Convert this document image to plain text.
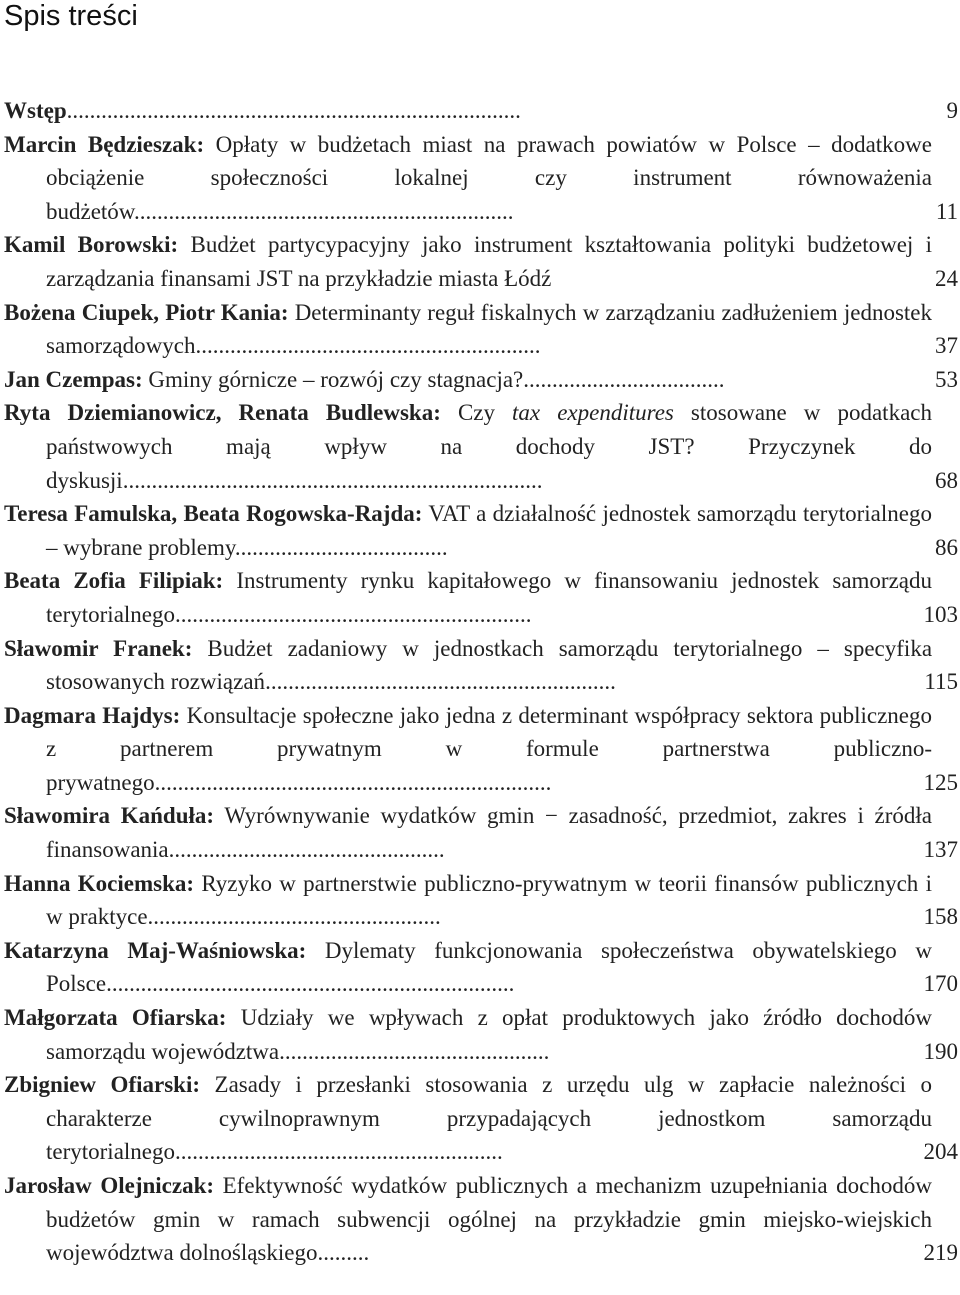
Spis treści
Wstęp...............................................................................	9
Marcin Będzieszak: Opłaty w budżetach miast na prawach powiatów w Polsce – dodatkowe obciążenie społeczności lokalnej czy instrument równoważenia budżetów..................................................................	11
Kamil Borowski: Budżet partycypacyjny jako instrument kształtowania polityki budżetowej i zarządzania finansami JST na przykładzie miasta Łódź	24
Bożena Ciupek, Piotr Kania: Determinanty reguł fiskalnych w zarządzaniu zadłużeniem jednostek samorządowych............................................................	37
Jan Czempas: Gminy górnicze – rozwój czy stagnacja?...................................	53
Ryta Dziemianowicz, Renata Budlewska: Czy tax expenditures stosowane w podatkach państwowych mają wpływ na dochody JST? Przyczynek do dyskusji.........................................................................	68
Teresa Famulska, Beata Rogowska-Rajda: VAT a działalność jednostek samorządu terytorialnego – wybrane problemy.....................................	86
Beata Zofia Filipiak: Instrumenty rynku kapitałowego w finansowaniu jednostek samorządu terytorialnego..............................................................	103
Sławomir Franek: Budżet zadaniowy w jednostkach samorządu terytorialnego – specyfika stosowanych rozwiązań.............................................................	115
Dagmara Hajdys: Konsultacje społeczne jako jedna z determinant współpracy sektora publicznego z partnerem prywatnym w formule partnerstwa publiczno-prywatnego.....................................................................	125
Sławomira Kańduła: Wyrównywanie wydatków gmin − zasadność, przedmiot, zakres i źródła finansowania................................................	137
Hanna Kociemska: Ryzyko w partnerstwie publiczno-prywatnym w teorii finansów publicznych i w praktyce...................................................	158
Katarzyna Maj-Waśniowska: Dylematy funkcjonowania społeczeństwa obywatelskiego w Polsce.......................................................................	170
Małgorzata Ofiarska: Udziały we wpływach z opłat produktowych jako źródło dochodów samorządu województwa...............................................	190
Zbigniew Ofiarski: Zasady i przesłanki stosowania z urzędu ulg w zapłacie należności o charakterze cywilnoprawnym przypadających jednostkom samorządu terytorialnego.........................................................	204
Jarosław Olejniczak: Efektywność wydatków publicznych a mechanizm uzupełniania dochodów budżetów gmin w ramach subwencji ogólnej na przykładzie gmin miejsko-wiejskich województwa dolnośląskiego.........	219
